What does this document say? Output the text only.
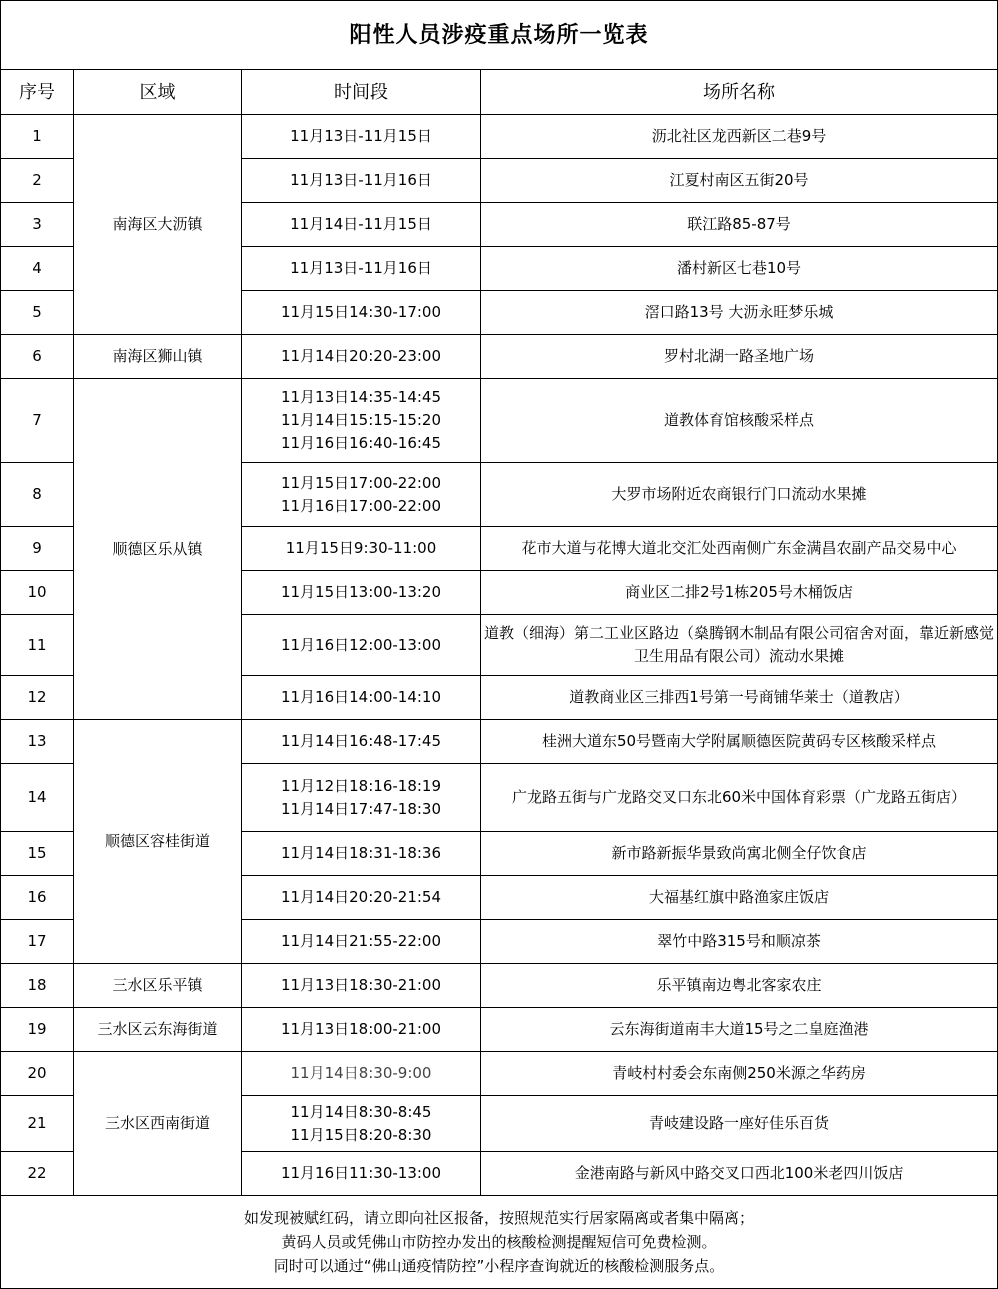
阳性人员涉疫重点场所一览表			
序号	区域	时间段	场所名称
1	南海区大沥镇	11月13日-11月15日	沥北社区龙西新区二巷9号
2		11月13日-11月16日	江夏村南区五街20号
3		11月14日-11月15日	联江路85-87号
4		11月13日-11月16日	潘村新区七巷10号
5		11月15日14:30-17:00	滘口路13号 大沥永旺梦乐城
6	南海区狮山镇	11月14日20:20-23:00	罗村北湖一路圣地广场
7	顺德区乐从镇	11月13日14:35-14:45
11月14日15:15-15:20
11月16日16:40-16:45	道教体育馆核酸采样点
8		11月15日17:00-22:00
11月16日17:00-22:00	大罗市场附近农商银行门口流动水果摊
9		11月15日9:30-11:00	花市大道与花博大道北交汇处西南侧广东金满昌农副产品交易中心
10		11月15日13:00-13:20	商业区二排2号1栋205号木桶饭店
11		11月16日12:00-13:00	道教（细海）第二工业区路边（燊腾钢木制品有限公司宿舍对面，靠近新感觉卫生用品有限公司）流动水果摊
12		11月16日14:00-14:10	道教商业区三排西1号第一号商铺华莱士（道教店）
13	顺德区容桂街道	11月14日16:48-17:45	桂洲大道东50号暨南大学附属顺德医院黄码专区核酸采样点
14		11月12日18:16-18:19
11月14日17:47-18:30	广龙路五街与广龙路交叉口东北60米中国体育彩票（广龙路五街店）
15		11月14日18:31-18:36	新市路新振华景致尚寓北侧全仔饮食店
16		11月14日20:20-21:54	大福基红旗中路渔家庄饭店
17		11月14日21:55-22:00	翠竹中路315号和顺凉茶
18	三水区乐平镇	11月13日18:30-21:00	乐平镇南边粤北客家农庄
19	三水区云东海街道	11月13日18:00-21:00	云东海街道南丰大道15号之二皇庭渔港
20	三水区西南街道	11月14日8:30-9:00	青岐村村委会东南侧250米源之华药房
21		11月14日8:30-8:45
11月15日8:20-8:30	青岐建设路一座好佳乐百货
22		11月16日11:30-13:00	金港南路与新风中路交叉口西北100米老四川饭店

如发现被赋红码，请立即向社区报备，按照规范实行居家隔离或者集中隔离；
黄码人员或凭佛山市防控办发出的核酸检测提醒短信可免费检测。
同时可以通过“佛山通疫情防控”小程序查询就近的核酸检测服务点。			
